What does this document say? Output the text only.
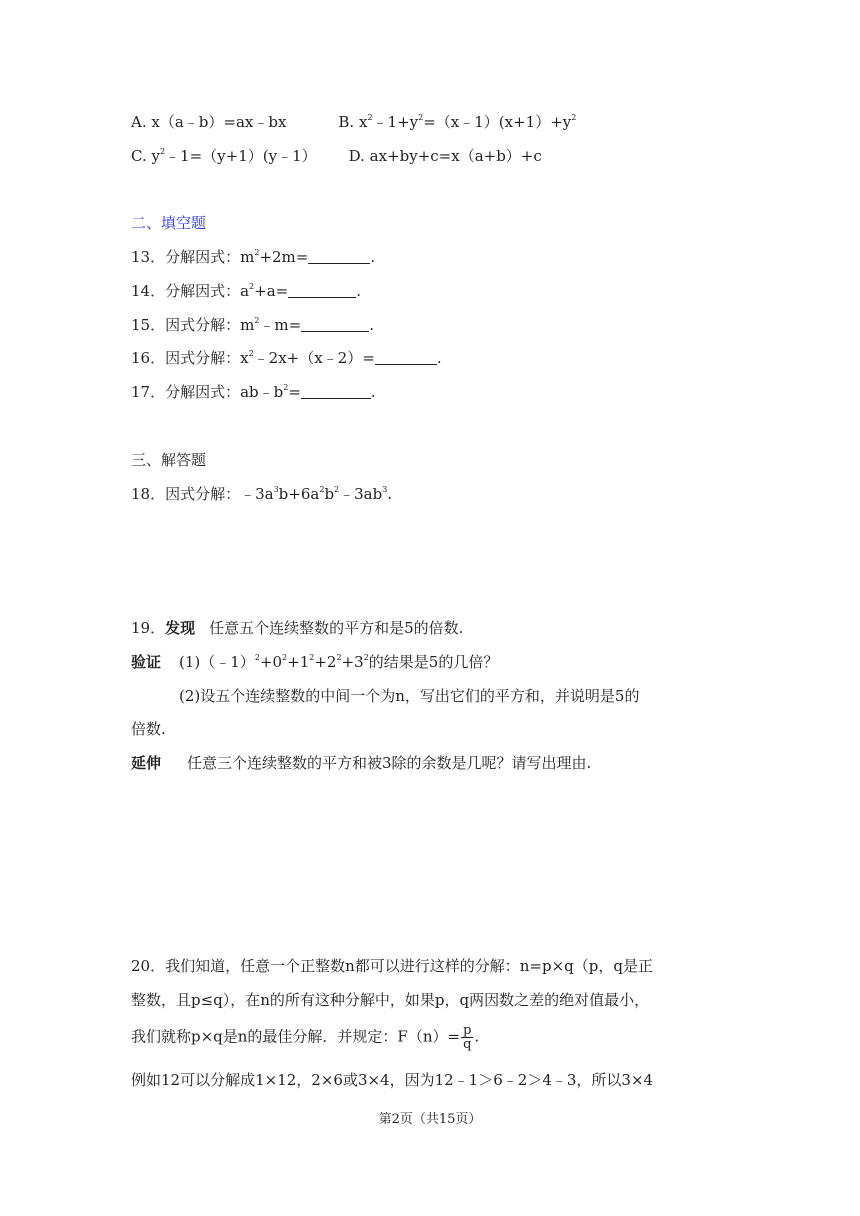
A. x（a﹣b）=ax﹣bx	B. $x^2﹣1+y^2=(x﹣1)(x+1)+y^2$
C. $y^2﹣1=(y+1)(y﹣1)$ D. ax+by+c=x（a+b）+c
二、填空题
13．分解因式：$m^2+2m=$	.
14．分解因式：$a^2+a=$	.
15．因式分解：$m^2﹣m=$	.
16．因式分解：$x^2﹣2x+(x﹣2)=$	.
17．分解因式：$ab﹣b^2=$	.
三、解答题
18．因式分解：$﹣3a^3b+6a^2b^2﹣3ab^3$.
19．发现 任意五个连续整数的平方和是5的倍数.
验证 $(1)(﹣1)^2+0^2+1^2+2^2+3^2$的结果是5的几倍？
(2)设五个连续整数的中间一个为n，写出它们的平方和，并说明是5的
倍数.
延伸 任意三个连续整数的平方和被3除的余数是几呢？请写出理由.
20．我们知道，任意一个正整数n都可以进行这样的分解：n=p×q（p，q是正
整数，且p≤q），在n的所有这种分解中，如果p，q两因数之差的绝对值最小，
我们就称p×q是n的最佳分解．并规定：$F(n)= \frac{p}{q}$ .
例如12可以分解成1×12，2×6或3×4，因为12﹣1＞6﹣2＞4﹣3，所以3×4
第2页（共15页）
